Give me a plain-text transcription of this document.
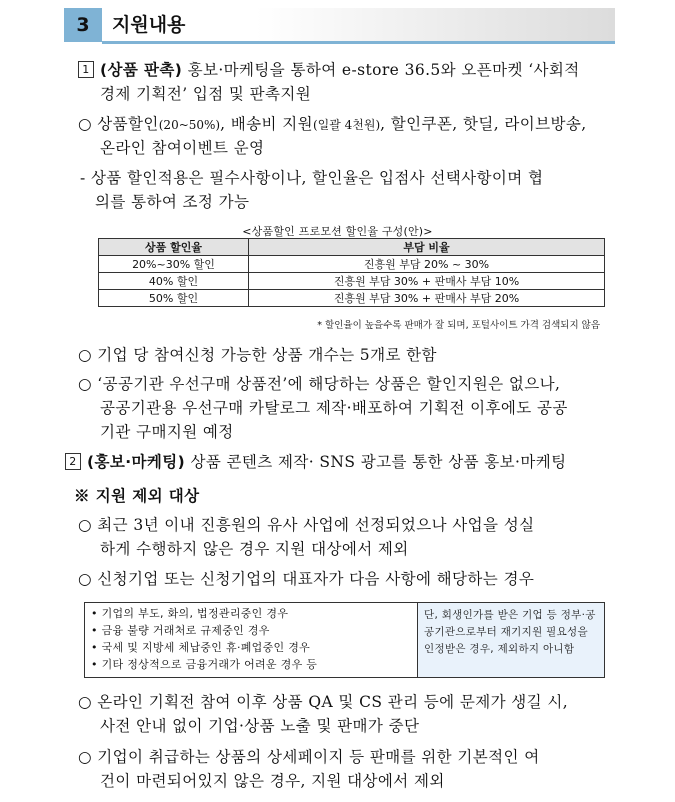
3	지원내용
1 (상품 판촉) 홍보·마케팅을 통하여 e-store 36.5와 오픈마켓 ‘사회적
경제 기획전’ 입점 및 판촉지원
○ 상품할인(20~50%), 배송비 지원(일괄 4천원), 할인쿠폰, 핫딜, 라이브방송,
온라인 참여이벤트 운영
- 상품 할인적용은 필수사항이나, 할인율은 입점사 선택사항이며 협
의를 통하여 조정 가능
<상품할인 프로모션 할인율 구성(안)>
상품 할인율	부담 비율
20%~30% 할인	진흥원 부담 20% ~ 30%
40% 할인	진흥원 부담 30% + 판매사 부담 10%
50% 할인	진흥원 부담 30% + 판매사 부담 20%
* 할인율이 높을수록 판매가 잘 되며, 포털사이트 가격 검색되지 않음
○ 기업 당 참여신청 가능한 상품 개수는 5개로 한함
○ ‘공공기관 우선구매 상품전’에 해당하는 상품은 할인지원은 없으나,
공공기관용 우선구매 카탈로그 제작·배포하여 기획전 이후에도 공공
기관 구매지원 예정
2 (홍보·마케팅) 상품 콘텐츠 제작· SNS 광고를 통한 상품 홍보·마케팅
※ 지원 제외 대상
○ 최근 3년 이내 진흥원의 유사 사업에 선정되었으나 사업을 성실
하게 수행하지 않은 경우 지원 대상에서 제외
○ 신청기업 또는 신청기업의 대표자가 다음 사항에 해당하는 경우
• 기업의 부도, 화의, 법정관리중인 경우
• 금융 불량 거래처로 규제중인 경우
• 국세 및 지방세 체납중인 휴·폐업중인 경우
• 기타 정상적으로 금융거래가 어려운 경우 등
단, 회생인가를 받은 기업 등 정부·공공기관으로부터 재기지원 필요성을 인정받은 경우, 제외하지 아니함
○ 온라인 기획전 참여 이후 상품 QA 및 CS 관리 등에 문제가 생길 시,
사전 안내 없이 기업·상품 노출 및 판매가 중단
○ 기업이 취급하는 상품의 상세페이지 등 판매를 위한 기본적인 여
건이 마련되어있지 않은 경우, 지원 대상에서 제외
